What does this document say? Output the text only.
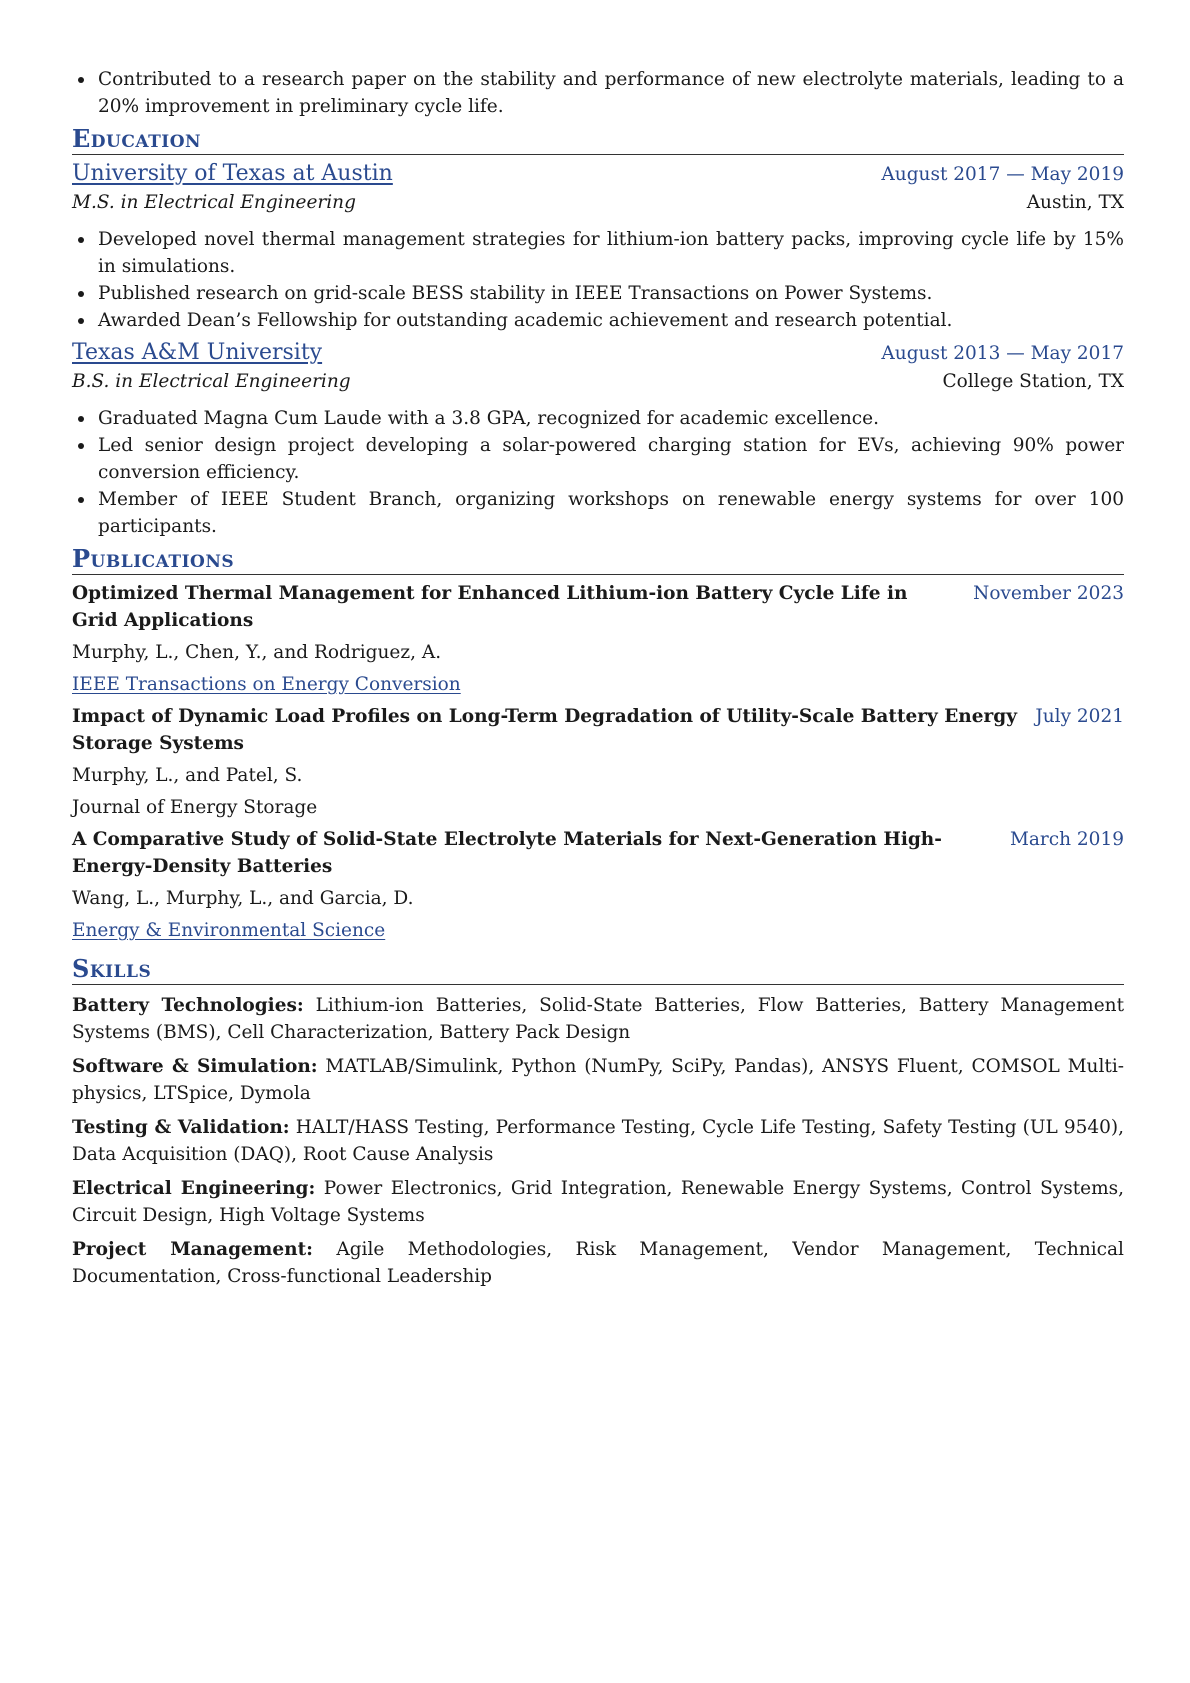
Contributed to a research paper on the stability and performance of new electrolyte materials, leading to a 20% improvement in preliminary cycle life.
Education
University of Texas at Austin	August 2017 — May 2019
M.S. in Electrical Engineering	Austin, TX
Developed novel thermal management strategies for lithium-ion battery packs, improving cycle life by 15% in simulations.
Published research on grid-scale BESS stability in IEEE Transactions on Power Systems.
Awarded Dean’s Fellowship for outstanding academic achievement and research potential.
Texas A&M University	August 2013 — May 2017
B.S. in Electrical Engineering	College Station, TX
Graduated Magna Cum Laude with a 3.8 GPA, recognized for academic excellence.
Led senior design project developing a solar-powered charging station for EVs, achieving 90% power conversion efficiency.
Member of IEEE Student Branch, organizing workshops on renewable energy systems for over 100 participants.
Publications
Optimized Thermal Management for Enhanced Lithium-ion Battery Cycle Life in Grid Applications
November 2023
Murphy, L., Chen, Y., and Rodriguez, A.
IEEE Transactions on Energy Conversion
Impact of Dynamic Load Profiles on Long-Term Degradation of Utility-Scale Battery Energy Storage Systems
July 2021
Murphy, L., and Patel, S.
Journal of Energy Storage
A Comparative Study of Solid-State Electrolyte Materials for Next-Generation High-Energy-Density Batteries
March 2019
Wang, L., Murphy, L., and Garcia, D.
Energy & Environmental Science
Skills
Battery Technologies: Lithium-ion Batteries, Solid-State Batteries, Flow Batteries, Battery Management Systems (BMS), Cell Characterization, Battery Pack Design
Software & Simulation: MATLAB/Simulink, Python (NumPy, SciPy, Pandas), ANSYS Fluent, COMSOL Multi-physics, LTSpice, Dymola
Testing & Validation: HALT/HASS Testing, Performance Testing, Cycle Life Testing, Safety Testing (UL 9540), Data Acquisition (DAQ), Root Cause Analysis
Electrical Engineering: Power Electronics, Grid Integration, Renewable Energy Systems, Control Systems, Circuit Design, High Voltage Systems
Project Management: Agile Methodologies, Risk Management, Vendor Management, Technical Documentation, Cross-functional Leadership
